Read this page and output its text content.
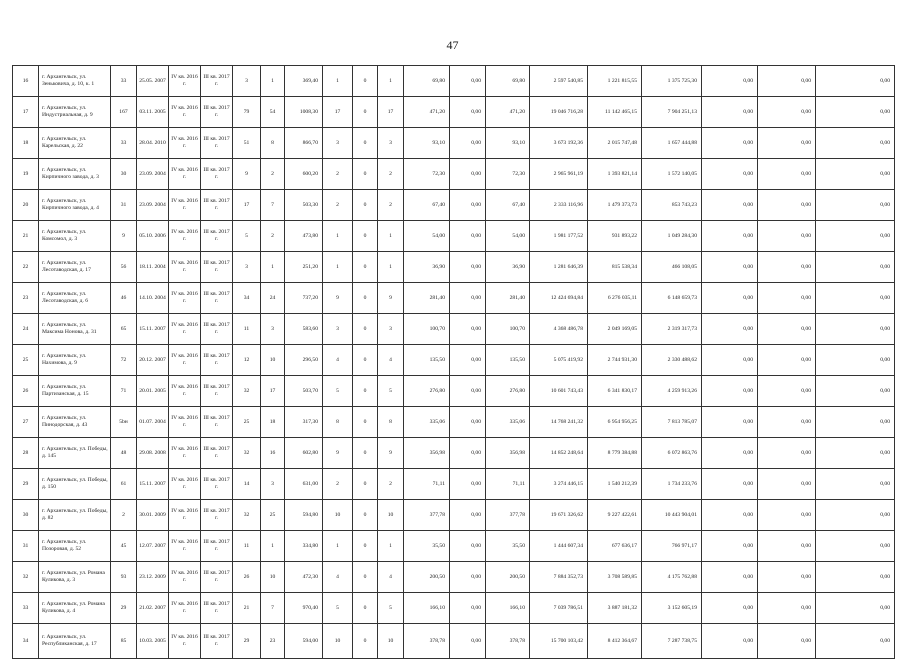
47
16	г. Архангельск, ул. Зеньковича, д. 10, к. 1	33	25.05. 2007	IV кв. 2016 г.	III кв. 2017 г.	3	1	369,40	1	0	1	69,80	0,00	69,80	2 597 540,85	1 221 815,55	1 375 725,30	0,00	0,00	0,00
17	г. Архангельск, ул. Индустриальная, д. 9	167	03.11. 2005	IV кв. 2016 г.	III кв. 2017 г.	79	54	1008,30	17	0	17	471,20	0,00	471,20	19 046 716,28	11 142 465,15	7 904 251,13	0,00	0,00	0,00
18	г. Архангельск, ул. Карельская, д. 22	33	28.04. 2010	IV кв. 2016 г.	III кв. 2017 г.	51	8	866,70	3	0	3	93,10	0,00	93,10	3 673 192,36	2 015 747,48	1 657 444,88	0,00	0,00	0,00
19	г. Архангельск, ул. Кирпичного завода, д. 3	30	23.09. 2004	IV кв. 2016 г.	III кв. 2017 г.	9	2	600,20	2	0	2	72,30	0,00	72,30	2 965 961,19	1 393 821,14	1 572 140,05	0,00	0,00	0,00
20	г. Архангельск, ул. Кирпичного завода, д. 4	31	23.09. 2004	IV кв. 2016 г.	III кв. 2017 г.	17	7	503,30	2	0	2	67,40	0,00	67,40	2 333 116,96	1 479 373,73	853 743,23	0,00	0,00	0,00
21	г. Архангельск, ул. Комсомол, д. 3	9	05.10. 2006	IV кв. 2016 г.	III кв. 2017 г.	5	2	473,80	1	0	1	54,00	0,00	54,00	1 981 177,52	931 893,22	1 049 284,30	0,00	0,00	0,00
22	г. Архангельск, ул. Лесотаводская, д. 17	56	18.11. 2004	IV кв. 2016 г.	III кв. 2017 г.	3	1	251,20	1	0	1	36,90	0,00	36,90	1 281 646,39	815 538,34	466 108,05	0,00	0,00	0,00
23	г. Архангельск, ул. Лесотаводская, д. 6	46	14.10. 2004	IV кв. 2016 г.	III кв. 2017 г.	34	24	737,20	9	0	9	281,40	0,00	281,40	12 424 694,84	6 276 035,11	6 148 659,73	0,00	0,00	0,00
24	г. Архангельск, ул. Максима Нонова, д. 31	65	15.11. 2007	IV кв. 2016 г.	III кв. 2017 г.	11	3	583,60	3	0	3	100,70	0,00	100,70	4 368 486,78	2 049 169,05	2 319 317,73	0,00	0,00	0,00
25	г. Архангельск, ул. Нахимова, д. 9	72	20.12. 2007	IV кв. 2016 г.	III кв. 2017 г.	12	10	296,50	4	0	4	135,50	0,00	135,50	5 075 419,92	2 744 931,30	2 330 488,62	0,00	0,00	0,00
26	г. Архангельск, ул. Партизанская, д. 15	71	20.01. 2005	IV кв. 2016 г.	III кв. 2017 г.	32	17	503,70	5	0	5	276,80	0,00	276,80	10 601 743,43	6 341 830,17	4 259 913,26	0,00	0,00	0,00
27	г. Архангельск, ул. Пинодорская, д. 43	5bн	01.07. 2004	IV кв. 2016 г.	III кв. 2017 г.	25	18	317,30	8	0	8	335,06	0,00	335,06	14 768 241,32	6 954 956,25	7 813 785,07	0,00	0,00	0,00
28	г. Архангельск, ул. Победы, д. 145	48	29.08. 2008	IV кв. 2016 г.	III кв. 2017 г.	32	16	602,80	9	0	9	356,98	0,00	356,98	14 852 248,64	8 779 384,88	6 072 863,76	0,00	0,00	0,00
29	г. Архангельск, ул. Победы, д. 150	61	15.11. 2007	IV кв. 2016 г.	III кв. 2017 г.	14	3	631,00	2	0	2	71,11	0,00	71,11	3 274 446,15	1 540 212,39	1 734 233,76	0,00	0,00	0,00
30	г. Архангельск, ул. Победы, д. 82	2	30.01. 2009	IV кв. 2016 г.	III кв. 2017 г.	32	25	594,80	10	0	10	377,78	0,00	377,78	19 671 326,62	9 227 422,61	10 443 904,01	0,00	0,00	0,00
31	г. Архангельск, ул. Позоровая, д. 52	45	12.07. 2007	IV кв. 2016 г.	III кв. 2017 г.	11	1	334,80	1	0	1	35,50	0,00	35,50	1 444 607,34	677 636,17	766 971,17	0,00	0,00	0,00
32	г. Архангельск, ул. Романа Куликова, д. 3	93	23.12. 2009	IV кв. 2016 г.	III кв. 2017 г.	26	10	472,30	4	0	4	200,50	0,00	200,50	7 884 352,73	3 708 589,85	4 175 762,88	0,00	0,00	0,00
33	г. Архангельск, ул. Романа Куликова, д. 4	29	21.02. 2007	IV кв. 2016 г.	III кв. 2017 г.	21	7	970,40	5	0	5	166,10	0,00	166,10	7 039 786,51	3 887 181,32	3 152 605,19	0,00	0,00	0,00
34	г. Архангельск, ул. Республиканская, д. 17	85	10.03. 2005	IV кв. 2016 г.	III кв. 2017 г.	29	23	594,00	10	0	10	378,78	0,00	378,78	15 700 103,42	8 412 364,67	7 287 738,75	0,00	0,00	0,00
